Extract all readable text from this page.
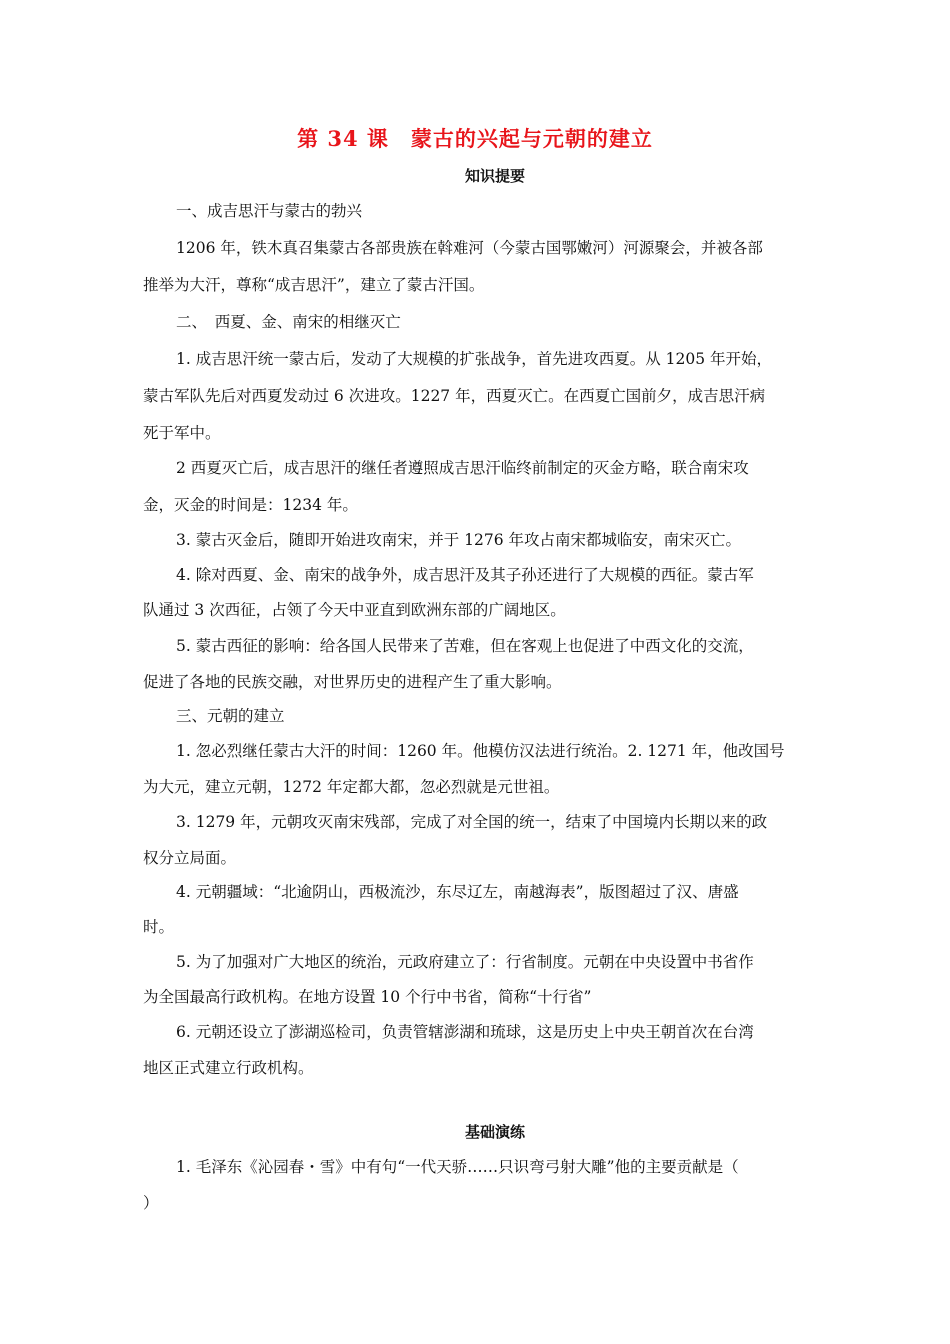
第 34 课　蒙古的兴起与元朝的建立
知识提要
一、成吉思汗与蒙古的勃兴
1206 年，铁木真召集蒙古各部贵族在斡难河（今蒙古国鄂嫩河）河源聚会，并被各部
推举为大汗，尊称“成吉思汗”，建立了蒙古汗国。
二、　西夏、金、南宋的相继灭亡
1. 成吉思汗统一蒙古后，发动了大规模的扩张战争，首先进攻西夏。从 1205 年开始，
蒙古军队先后对西夏发动过 6 次进攻。1227 年，西夏灭亡。在西夏亡国前夕，成吉思汗病
死于军中。
2 西夏灭亡后，成吉思汗的继任者遵照成吉思汗临终前制定的灭金方略，联合南宋攻
金，灭金的时间是：1234 年。
3. 蒙古灭金后，随即开始进攻南宋，并于 1276 年攻占南宋都城临安，南宋灭亡。
4. 除对西夏、金、南宋的战争外，成吉思汗及其子孙还进行了大规模的西征。蒙古军
队通过 3 次西征，占领了今天中亚直到欧洲东部的广阔地区。
5. 蒙古西征的影响：给各国人民带来了苦难，但在客观上也促进了中西文化的交流，
促进了各地的民族交融，对世界历史的进程产生了重大影响。
三、元朝的建立
1. 忽必烈继任蒙古大汗的时间：1260 年。他模仿汉法进行统治。2. 1271 年，他改国号
为大元，建立元朝，1272 年定都大都，忽必烈就是元世祖。
3. 1279 年，元朝攻灭南宋残部，完成了对全国的统一，结束了中国境内长期以来的政
权分立局面。
4. 元朝疆域：“北逾阴山，西极流沙，东尽辽左，南越海表”，版图超过了汉、唐盛
时。
5. 为了加强对广大地区的统治，元政府建立了：行省制度。元朝在中央设置中书省作
为全国最高行政机构。在地方设置 10 个行中书省，简称“十行省”
6. 元朝还设立了澎湖巡检司，负责管辖澎湖和琉球，这是历史上中央王朝首次在台湾
地区正式建立行政机构。
基础演练
1. 毛泽东《沁园春・雪》中有句“一代天骄……只识弯弓射大雕”他的主要贡献是（
）
